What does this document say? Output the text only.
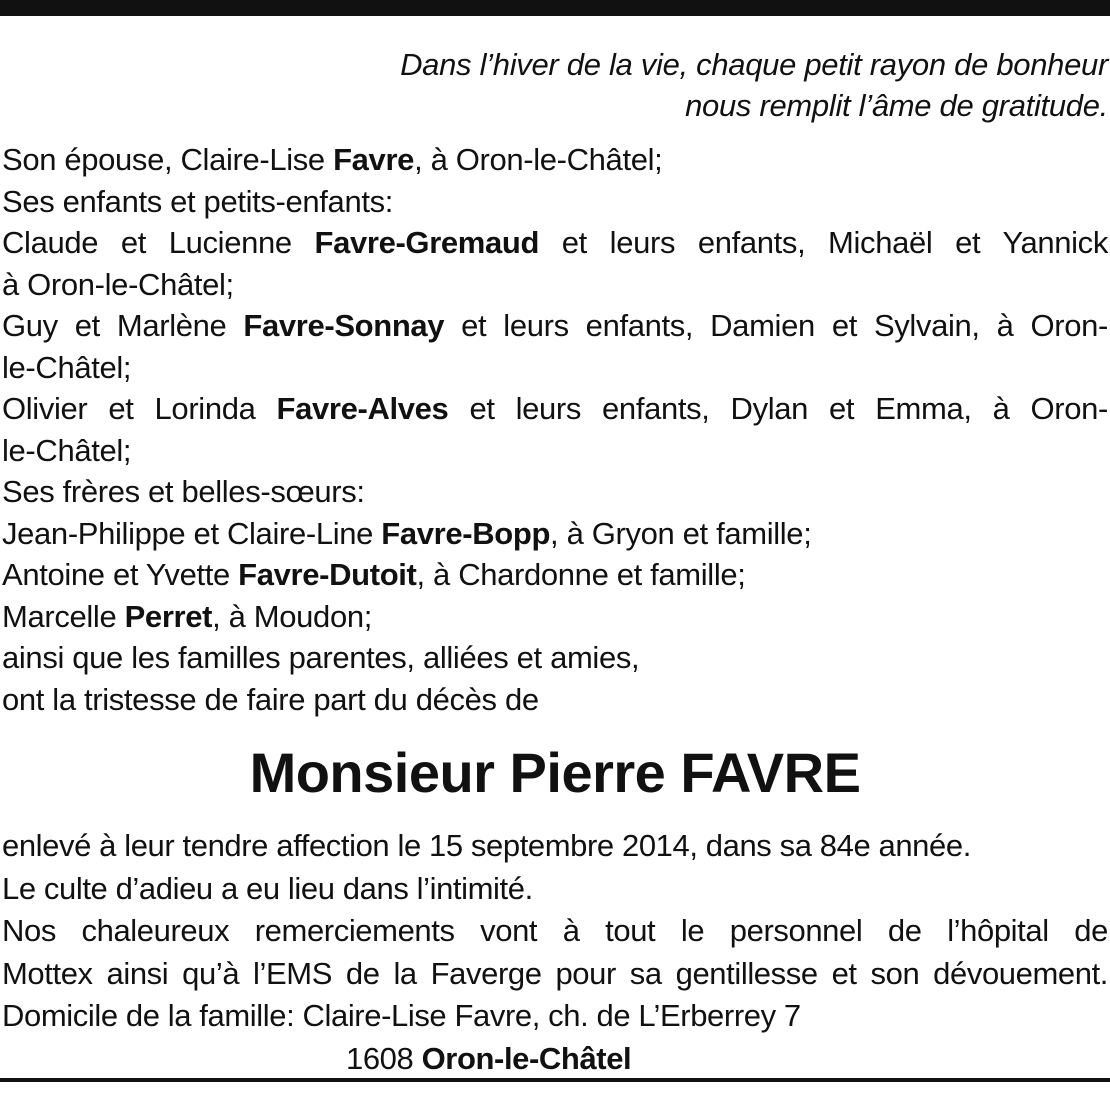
Dans l’hiver de la vie, chaque petit rayon de bonheur
nous remplit l’âme de gratitude.
Son épouse, Claire-Lise Favre, à Oron-le-Châtel;
Ses enfants et petits-enfants:
Claude et Lucienne Favre-Gremaud et leurs enfants, Michaël et Yannick
à Oron-le-Châtel;
Guy et Marlène Favre-Sonnay et leurs enfants, Damien et Sylvain, à Oron-
le-Châtel;
Olivier et Lorinda Favre-Alves et leurs enfants, Dylan et Emma, à Oron-
le-Châtel;
Ses frères et belles-sœurs:
Jean-Philippe et Claire-Line Favre-Bopp, à Gryon et famille;
Antoine et Yvette Favre-Dutoit, à Chardonne et famille;
Marcelle Perret, à Moudon;
ainsi que les familles parentes, alliées et amies,
ont la tristesse de faire part du décès de
Monsieur Pierre FAVRE
enlevé à leur tendre affection le 15 septembre 2014, dans sa 84e année.
Le culte d’adieu a eu lieu dans l’intimité.
Nos chaleureux remerciements vont à tout le personnel de l’hôpital de
Mottex ainsi qu’à l’EMS de la Faverge pour sa gentillesse et son dévouement.
Domicile de la famille: Claire-Lise Favre, ch. de L’Erberrey 7
1608 Oron-le-Châtel
